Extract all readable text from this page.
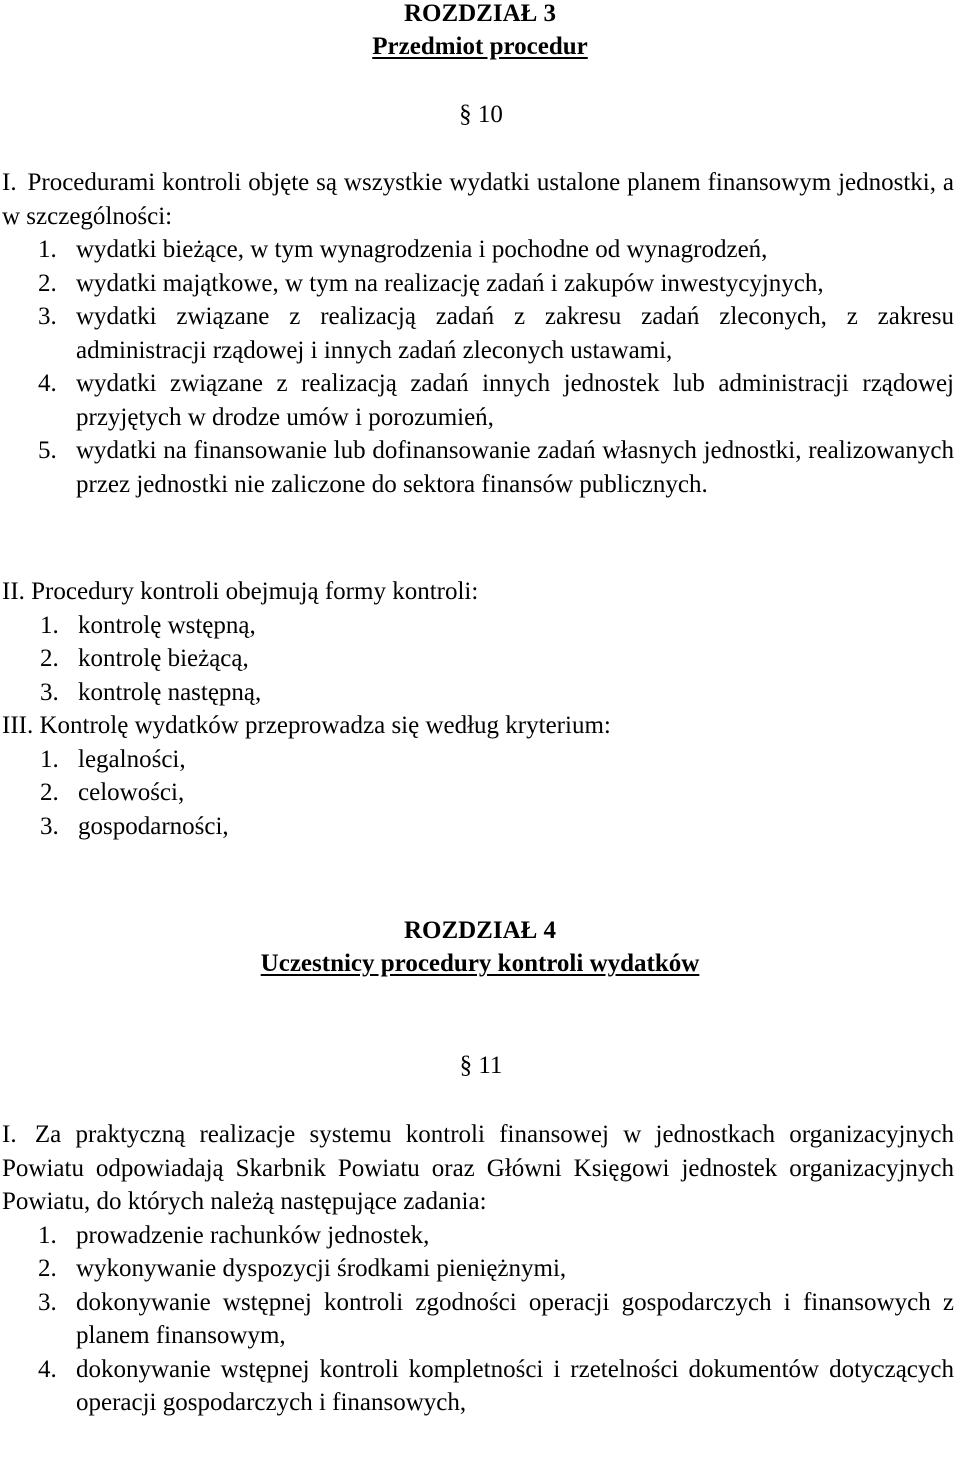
ROZDZIAŁ 3
Przedmiot procedur
§ 10
I. Procedurami kontroli objęte są wszystkie wydatki ustalone planem finansowym jednostki, a w szczególności:
1. wydatki bieżące, w tym wynagrodzenia i pochodne od wynagrodzeń,
2. wydatki majątkowe, w tym na realizację zadań i zakupów inwestycyjnych,
3. wydatki związane z realizacją zadań z zakresu zadań zleconych, z zakresu administracji rządowej i innych zadań zleconych ustawami,
4. wydatki związane z realizacją zadań innych jednostek lub administracji rządowej przyjętych w drodze umów i porozumień,
5. wydatki na finansowanie lub dofinansowanie zadań własnych jednostki, realizowanych przez jednostki nie zaliczone do sektora finansów publicznych.
II. Procedury kontroli obejmują formy kontroli:
1. kontrolę wstępną,
2. kontrolę bieżącą,
3. kontrolę następną,
III. Kontrolę wydatków przeprowadza się według kryterium:
1. legalności,
2. celowości,
3. gospodarności,
ROZDZIAŁ 4
Uczestnicy procedury kontroli wydatków
§ 11
I. Za praktyczną realizacje systemu kontroli finansowej w jednostkach organizacyjnych Powiatu odpowiadają Skarbnik Powiatu oraz Główni Księgowi jednostek organizacyjnych Powiatu, do których należą następujące zadania:
1. prowadzenie rachunków jednostek,
2. wykonywanie dyspozycji środkami pieniężnymi,
3. dokonywanie wstępnej kontroli zgodności operacji gospodarczych i finansowych z planem finansowym,
4. dokonywanie wstępnej kontroli kompletności i rzetelności dokumentów dotyczących operacji gospodarczych i finansowych,
